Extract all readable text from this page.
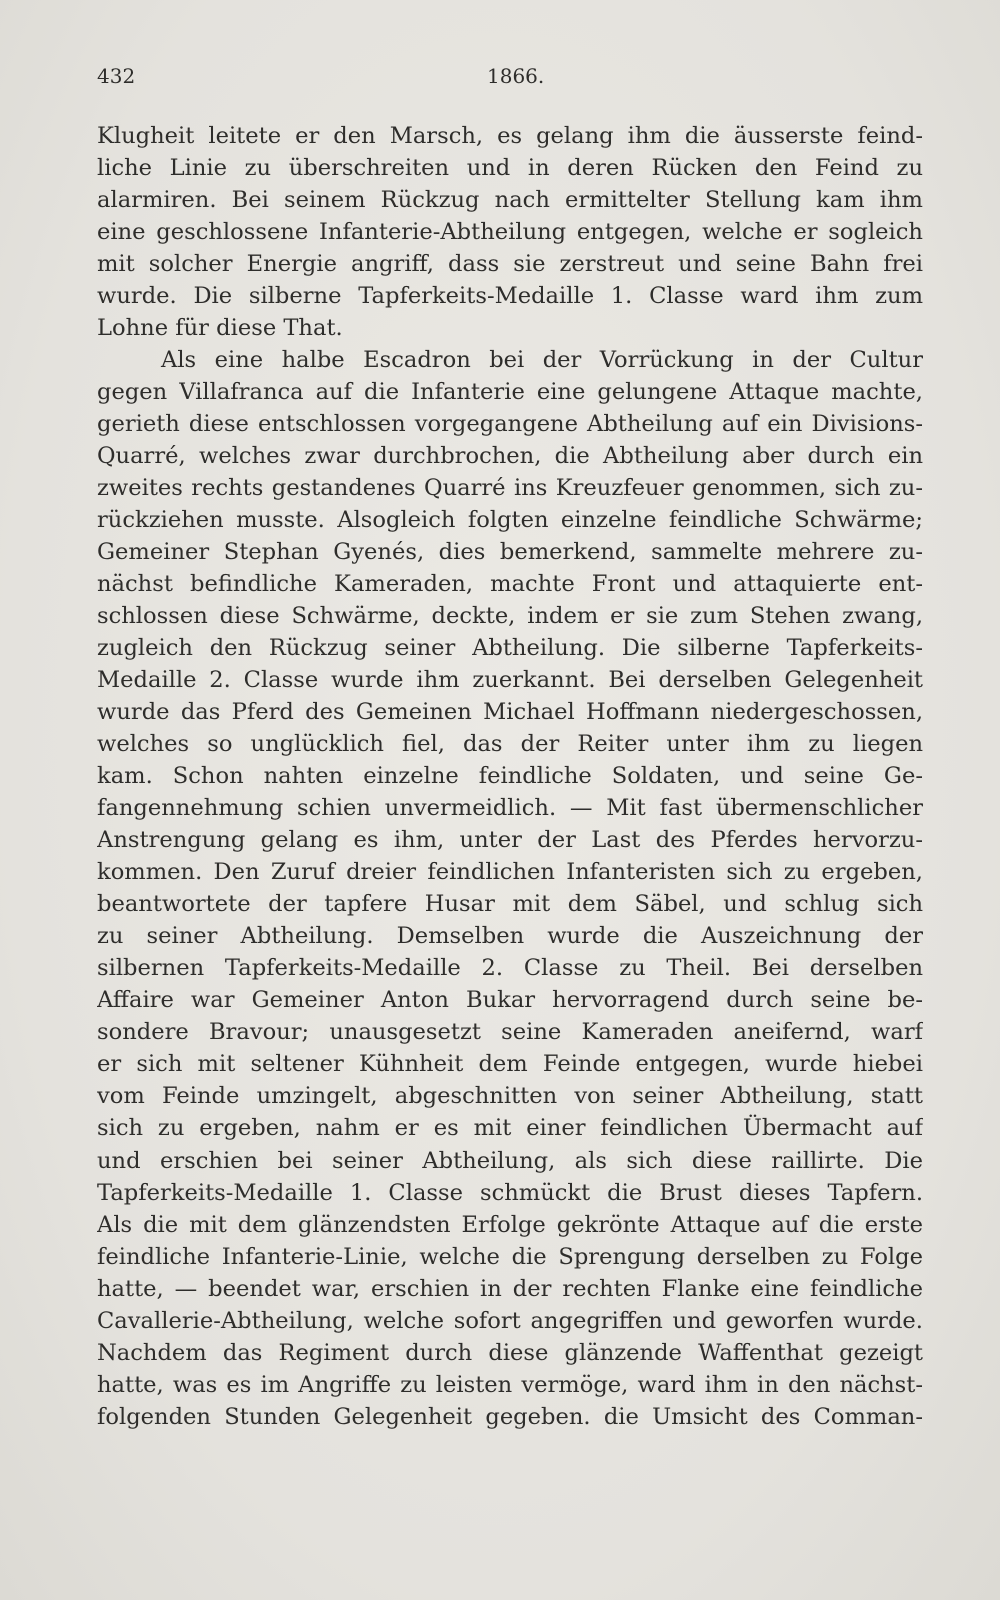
432	1866.
Klugheit leitete er den Marsch, es gelang ihm die äusserste feind-
liche Linie zu überschreiten und in deren Rücken den Feind zu
alarmiren. Bei seinem Rückzug nach ermittelter Stellung kam ihm
eine geschlossene Infanterie-Abtheilung entgegen, welche er sogleich
mit solcher Energie angriff, dass sie zerstreut und seine Bahn frei
wurde. Die silberne Tapferkeits-Medaille 1. Classe ward ihm zum
Lohne für diese That.
Als eine halbe Escadron bei der Vorrückung in der Cultur
gegen Villafranca auf die Infanterie eine gelungene Attaque machte,
gerieth diese entschlossen vorgegangene Abtheilung auf ein Divisions-
Quarré, welches zwar durchbrochen, die Abtheilung aber durch ein
zweites rechts gestandenes Quarré ins Kreuzfeuer genommen, sich zu-
rückziehen musste. Alsogleich folgten einzelne feindliche Schwärme;
Gemeiner Stephan Gyenés, dies bemerkend, sammelte mehrere zu-
nächst befindliche Kameraden, machte Front und attaquierte ent-
schlossen diese Schwärme, deckte, indem er sie zum Stehen zwang,
zugleich den Rückzug seiner Abtheilung. Die silberne Tapferkeits-
Medaille 2. Classe wurde ihm zuerkannt. Bei derselben Gelegenheit
wurde das Pferd des Gemeinen Michael Hoffmann niedergeschossen,
welches so unglücklich fiel, das der Reiter unter ihm zu liegen
kam. Schon nahten einzelne feindliche Soldaten, und seine Ge-
fangennehmung schien unvermeidlich. — Mit fast übermenschlicher
Anstrengung gelang es ihm, unter der Last des Pferdes hervorzu-
kommen. Den Zuruf dreier feindlichen Infanteristen sich zu ergeben,
beantwortete der tapfere Husar mit dem Säbel, und schlug sich
zu seiner Abtheilung. Demselben wurde die Auszeichnung der
silbernen Tapferkeits-Medaille 2. Classe zu Theil. Bei derselben
Affaire war Gemeiner Anton Bukar hervorragend durch seine be-
sondere Bravour; unausgesetzt seine Kameraden aneifernd, warf
er sich mit seltener Kühnheit dem Feinde entgegen, wurde hiebei
vom Feinde umzingelt, abgeschnitten von seiner Abtheilung, statt
sich zu ergeben, nahm er es mit einer feindlichen Übermacht auf
und erschien bei seiner Abtheilung, als sich diese raillirte. Die
Tapferkeits-Medaille 1. Classe schmückt die Brust dieses Tapfern.
Als die mit dem glänzendsten Erfolge gekrönte Attaque auf die erste
feindliche Infanterie-Linie, welche die Sprengung derselben zu Folge
hatte, — beendet war, erschien in der rechten Flanke eine feindliche
Cavallerie-Abtheilung, welche sofort angegriffen und geworfen wurde.
Nachdem das Regiment durch diese glänzende Waffenthat gezeigt
hatte, was es im Angriffe zu leisten vermöge, ward ihm in den nächst-
folgenden Stunden Gelegenheit gegeben. die Umsicht des Comman-
